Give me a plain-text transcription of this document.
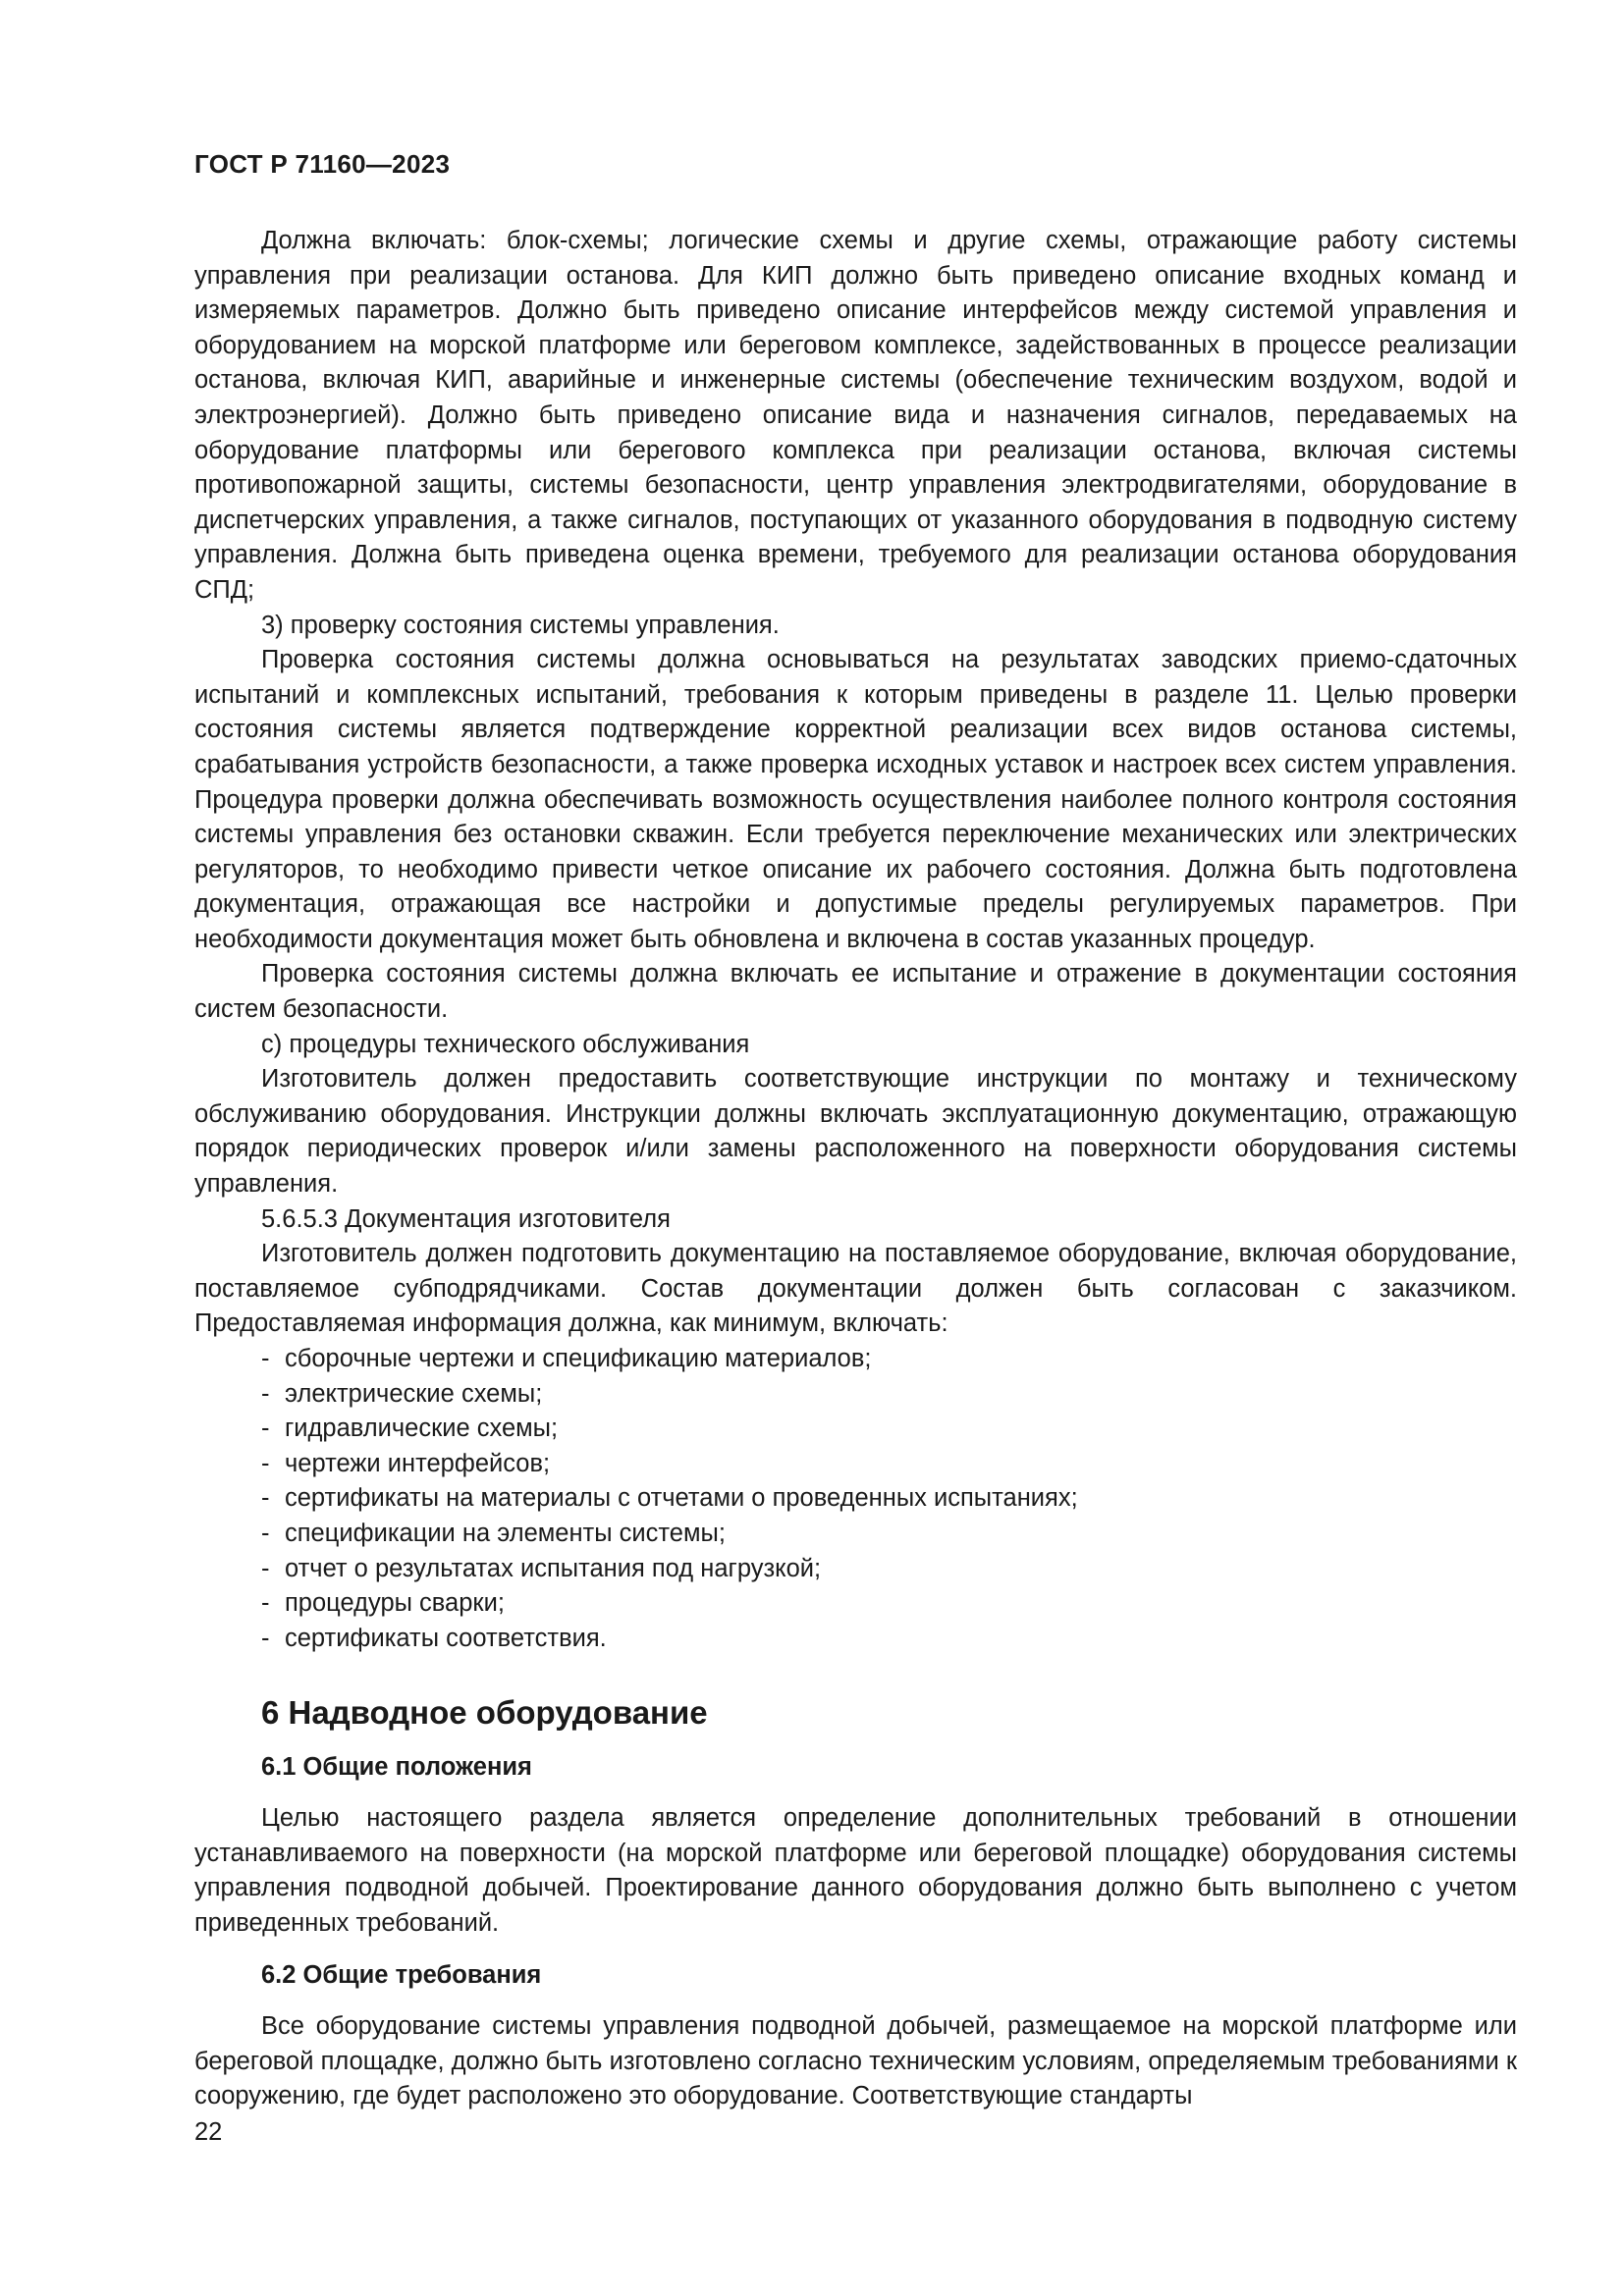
ГОСТ Р 71160—2023

Должна включать: блок-схемы; логические схемы и другие схемы, отражающие работу системы управления при реализации останова. Для КИП должно быть приведено описание входных команд и измеряемых параметров. Должно быть приведено описание интерфейсов между системой управления и оборудованием на морской платформе или береговом комплексе, задействованных в процессе реализации останова, включая КИП, аварийные и инженерные системы (обеспечение техническим воздухом, водой и электроэнергией). Должно быть приведено описание вида и назначения сигналов, передаваемых на оборудование платформы или берегового комплекса при реализации останова, включая системы противопожарной защиты, системы безопасности, центр управления электродвигателями, оборудование в диспетчерских управления, а также сигналов, поступающих от указанного оборудования в подводную систему управления. Должна быть приведена оценка времени, требуемого для реализации останова оборудования СПД;

3) проверку состояния системы управления.

Проверка состояния системы должна основываться на результатах заводских приемо-сдаточных испытаний и комплексных испытаний, требования к которым приведены в разделе 11. Целью проверки состояния системы является подтверждение корректной реализации всех видов останова системы, срабатывания устройств безопасности, а также проверка исходных уставок и настроек всех систем управления. Процедура проверки должна обеспечивать возможность осуществления наиболее полного контроля состояния системы управления без остановки скважин. Если требуется переключение механических или электрических регуляторов, то необходимо привести четкое описание их рабочего состояния. Должна быть подготовлена документация, отражающая все настройки и допустимые пределы регулируемых параметров. При необходимости документация может быть обновлена и включена в состав указанных процедур.

Проверка состояния системы должна включать ее испытание и отражение в документации состояния систем безопасности.

c) процедуры технического обслуживания

Изготовитель должен предоставить соответствующие инструкции по монтажу и техническому обслуживанию оборудования. Инструкции должны включать эксплуатационную документацию, отражающую порядок периодических проверок и/или замены расположенного на поверхности оборудования системы управления.

5.6.5.3 Документация изготовителя

Изготовитель должен подготовить документацию на поставляемое оборудование, включая оборудование, поставляемое субподрядчиками. Состав документации должен быть согласован с заказчиком. Предоставляемая информация должна, как минимум, включать:

- сборочные чертежи и спецификацию материалов;

- электрические схемы;

- гидравлические схемы;

- чертежи интерфейсов;

- сертификаты на материалы с отчетами о проведенных испытаниях;

- спецификации на элементы системы;

- отчет о результатах испытания под нагрузкой;

- процедуры сварки;

- сертификаты соответствия.

6 Надводное оборудование
6.1 Общие положения

Целью настоящего раздела является определение дополнительных требований в отношении устанавливаемого на поверхности (на морской платформе или береговой площадке) оборудования системы управления подводной добычей. Проектирование данного оборудования должно быть выполнено с учетом приведенных требований.

6.2 Общие требования

Все оборудование системы управления подводной добычей, размещаемое на морской платформе или береговой площадке, должно быть изготовлено согласно техническим условиям, определяемым требованиями к сооружению, где будет расположено это оборудование. Соответствующие стандарты

22
